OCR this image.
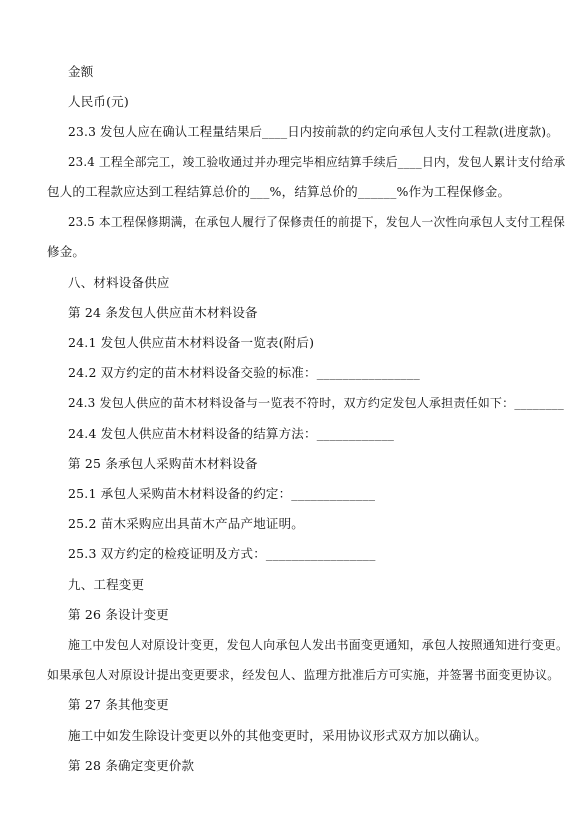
金额
人民币(元)
23.3 发包人应在确认工程量结果后____日内按前款的约定向承包人支付工程款(进度款)。
23.4 工程全部完工，竣工验收通过并办理完毕相应结算手续后____日内，发包人累计支付给承
包人的工程款应达到工程结算总价的___%，结算总价的______%作为工程保修金。
23.5 本工程保修期满，在承包人履行了保修责任的前提下，发包人一次性向承包人支付工程保
修金。
八、材料设备供应
第 24 条发包人供应苗木材料设备
24.1 发包人供应苗木材料设备一览表(附后)
24.2 双方约定的苗木材料设备交验的标准：________________
24.3 发包人供应的苗木材料设备与一览表不符时，双方约定发包人承担责任如下：________
24.4 发包人供应苗木材料设备的结算方法：____________
第 25 条承包人采购苗木材料设备
25.1 承包人采购苗木材料设备的约定：_____________
25.2 苗木采购应出具苗木产品产地证明。
25.3 双方约定的检疫证明及方式：_________________
九、工程变更
第 26 条设计变更
施工中发包人对原设计变更，发包人向承包人发出书面变更通知，承包人按照通知进行变更。
如果承包人对原设计提出变更要求，经发包人、监理方批准后方可实施，并签署书面变更协议。
第 27 条其他变更
施工中如发生除设计变更以外的其他变更时，采用协议形式双方加以确认。
第 28 条确定变更价款
